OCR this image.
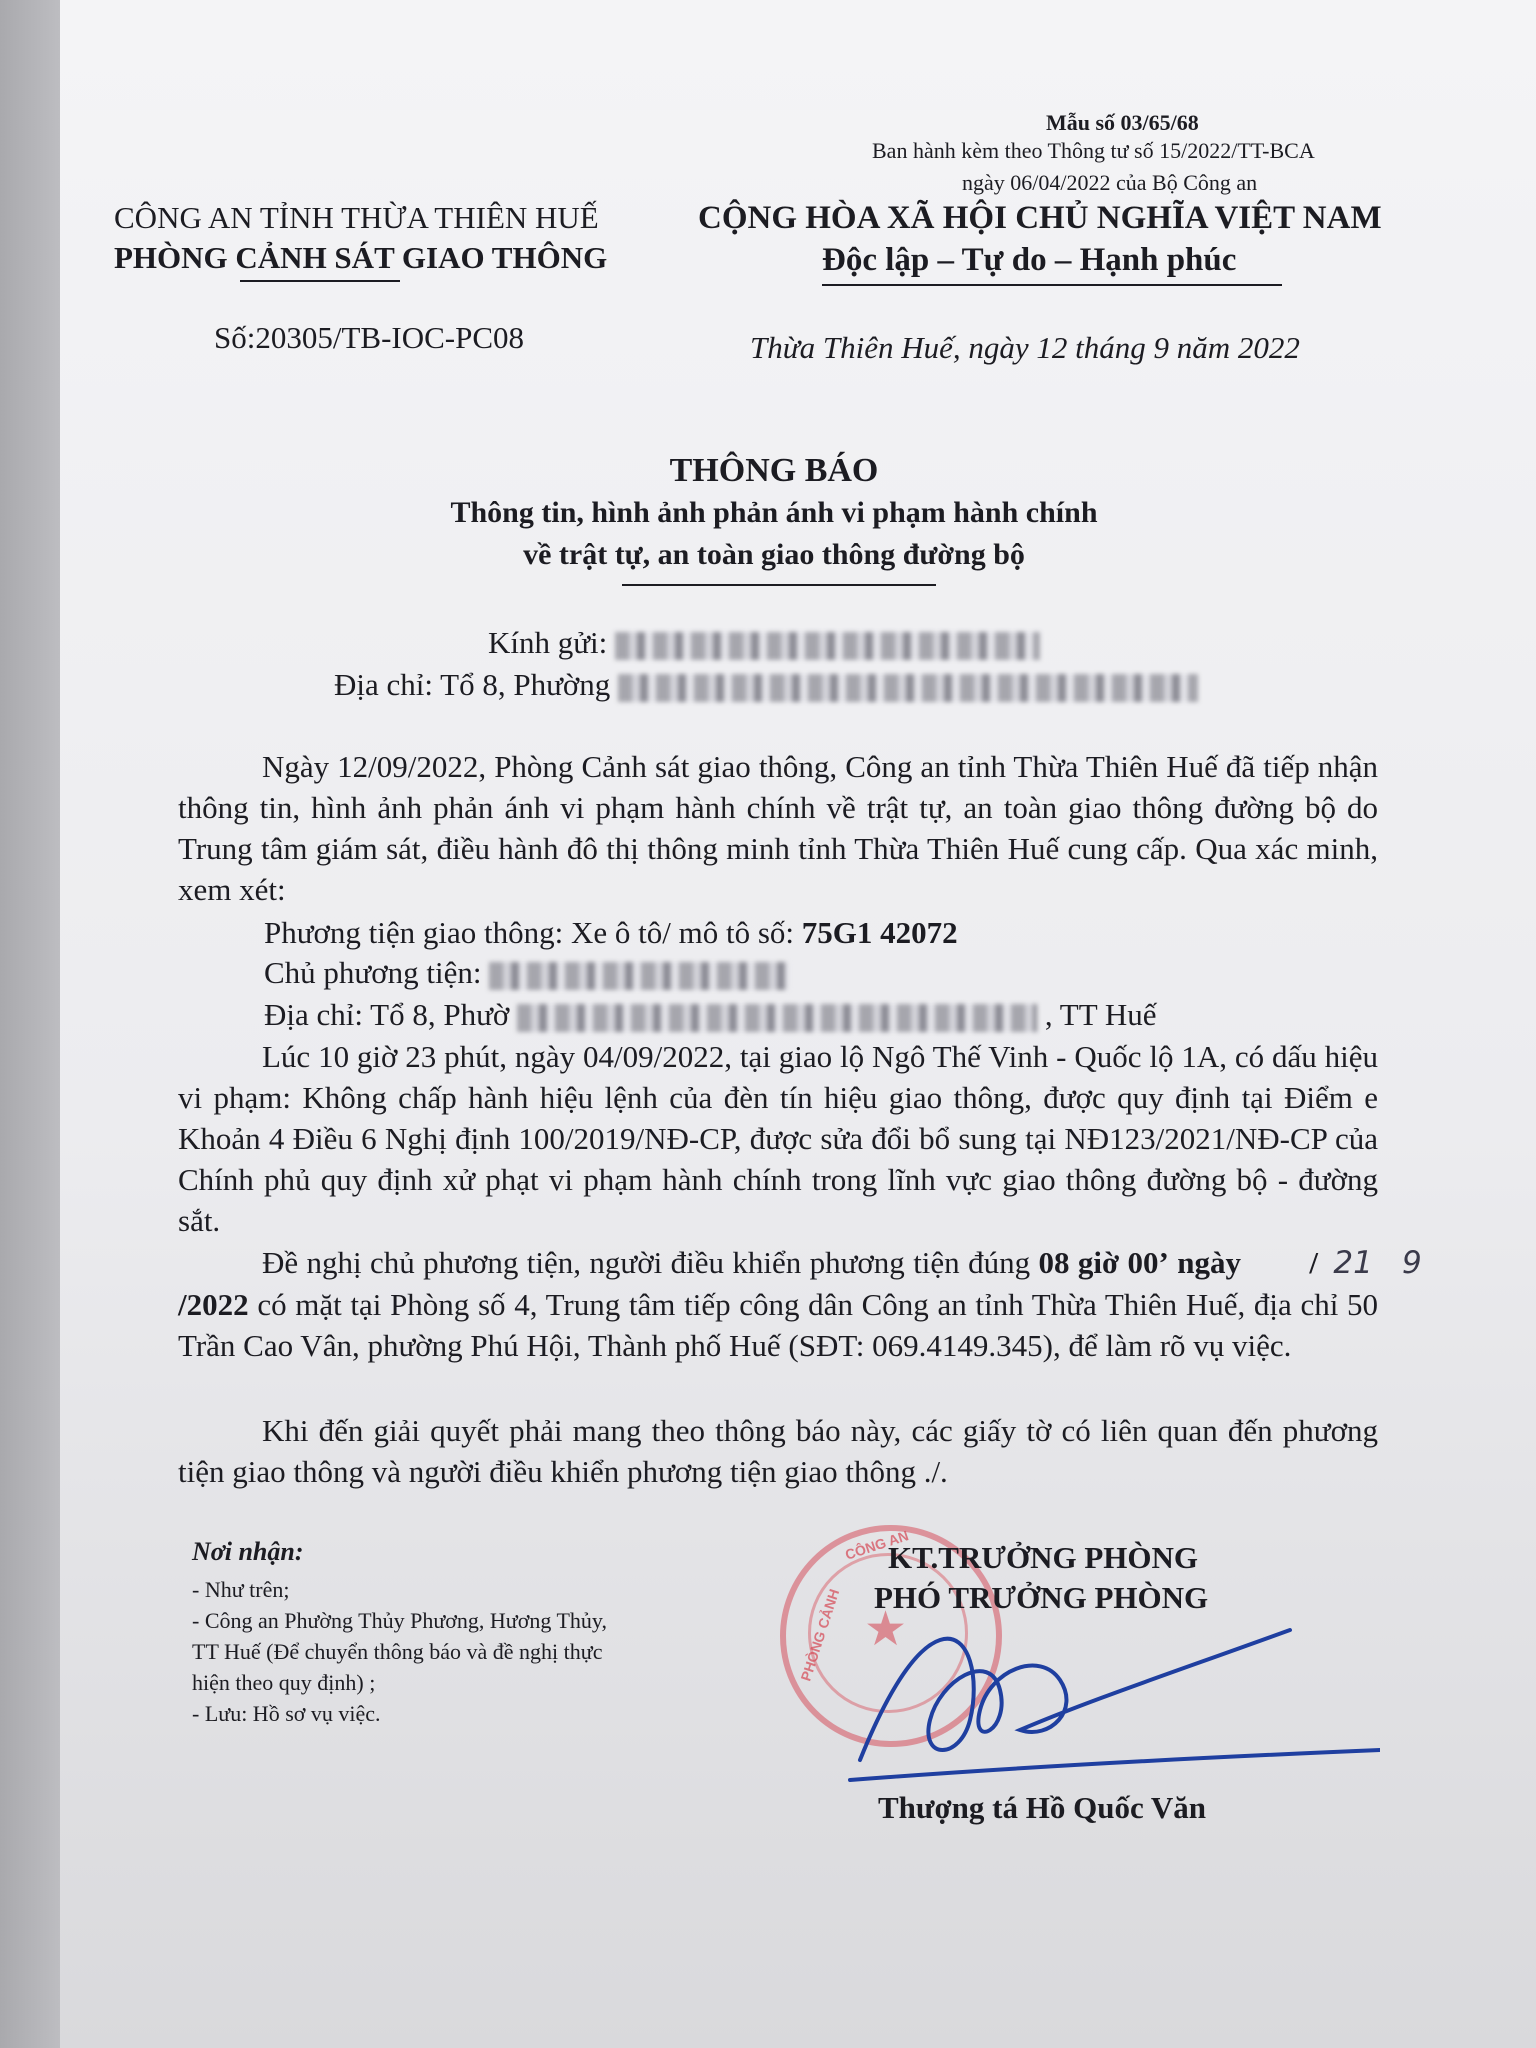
Mẫu số 03/65/68
Ban hành kèm theo Thông tư số 15/2022/TT-BCA
ngày 06/04/2022 của Bộ Công an
CÔNG AN TỈNH THỪA THIÊN HUẾ
PHÒNG CẢNH SÁT GIAO THÔNG
Số:20305/TB-IOC-PC08
CỘNG HÒA XÃ HỘI CHỦ NGHĨA VIỆT NAM
Độc lập – Tự do – Hạnh phúc
Thừa Thiên Huế, ngày 12 tháng 9 năm 2022
THÔNG BÁO
Thông tin, hình ảnh phản ánh vi phạm hành chính
về trật tự, an toàn giao thông đường bộ
Kính gửi:
Địa chỉ: Tổ 8, Phường
Ngày 12/09/2022, Phòng Cảnh sát giao thông, Công an tỉnh Thừa Thiên Huế đã tiếp nhận thông tin, hình ảnh phản ánh vi phạm hành chính về trật tự, an toàn giao thông đường bộ do Trung tâm giám sát, điều hành đô thị thông minh tỉnh Thừa Thiên Huế cung cấp. Qua xác minh, xem xét:
Phương tiện giao thông: Xe ô tô/ mô tô số: 75G1 42072
Chủ phương tiện:
Địa chỉ: Tổ 8, Phườ	, TT Huế
Lúc 10 giờ 23 phút, ngày 04/09/2022, tại giao lộ Ngô Thế Vinh - Quốc lộ 1A, có dấu hiệu vi phạm: Không chấp hành hiệu lệnh của đèn tín hiệu giao thông, được quy định tại Điểm e Khoản 4 Điều 6 Nghị định 100/2019/NĐ-CP, được sửa đổi bổ sung tại NĐ123/2021/NĐ-CP của Chính phủ quy định xử phạt vi phạm hành chính trong lĩnh vực giao thông đường bộ - đường sắt.
Đề nghị chủ phương tiện, người điều khiển phương tiện đúng 08 giờ 00’ ngày	21/	9/2022 có mặt tại Phòng số 4, Trung tâm tiếp công dân Công an tỉnh Thừa Thiên Huế, địa chỉ 50 Trần Cao Vân, phường Phú Hội, Thành phố Huế (SĐT: 069.4149.345), để làm rõ vụ việc.
Khi đến giải quyết phải mang theo thông báo này, các giấy tờ có liên quan đến phương tiện giao thông và người điều khiển phương tiện giao thông ./.
Nơi nhận:
- Như trên;
- Công an Phường Thủy Phương, Hương Thủy,
TT Huế (Để chuyển thông báo và đề nghị thực
hiện theo quy định) ;
- Lưu: Hồ sơ vụ việc.
CÔNG AN
PHÒNG CẢNH ★
KT.TRƯỞNG PHÒNG
PHÓ TRƯỞNG PHÒNG
Thượng tá Hồ Quốc Văn
